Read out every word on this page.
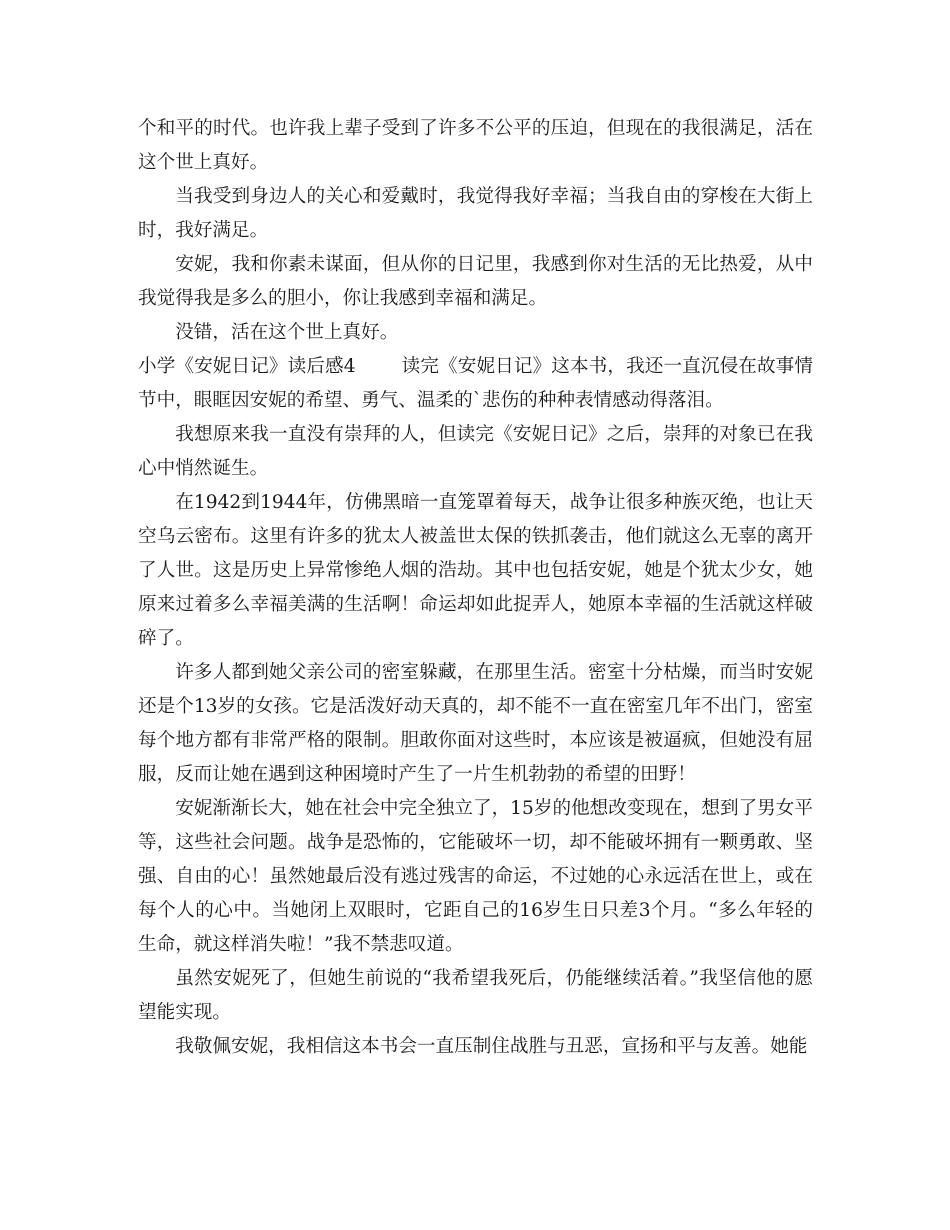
个和平的时代。也许我上辈子受到了许多不公平的压迫，但现在的我很满足，活在这个世上真好。

当我受到身边人的关心和爱戴时，我觉得我好幸福；当我自由的穿梭在大街上时，我好满足。

安妮，我和你素未谋面，但从你的日记里，我感到你对生活的无比热爱，从中我觉得我是多么的胆小，你让我感到幸福和满足。

没错，活在这个世上真好。

小学《安妮日记》读后感4 读完《安妮日记》这本书，我还一直沉侵在故事情节中，眼眶因安妮的希望、勇气、温柔的`悲伤的种种表情感动得落泪。

我想原来我一直没有崇拜的人，但读完《安妮日记》之后，崇拜的对象已在我心中悄然诞生。

在1942到1944年，仿佛黑暗一直笼罩着每天，战争让很多种族灭绝，也让天空乌云密布。这里有许多的犹太人被盖世太保的铁抓袭击，他们就这么无辜的离开了人世。这是历史上异常惨绝人烟的浩劫。其中也包括安妮，她是个犹太少女，她原来过着多么幸福美满的生活啊！命运却如此捉弄人，她原本幸福的生活就这样破碎了。

许多人都到她父亲公司的密室躲藏，在那里生活。密室十分枯燥，而当时安妮还是个13岁的女孩。它是活泼好动天真的，却不能不一直在密室几年不出门，密室每个地方都有非常严格的限制。胆敢你面对这些时，本应该是被逼疯，但她没有屈服，反而让她在遇到这种困境时产生了一片生机勃勃的希望的田野！

安妮渐渐长大，她在社会中完全独立了，15岁的他想改变现在，想到了男女平等，这些社会问题。战争是恐怖的，它能破坏一切，却不能破坏拥有一颗勇敢、坚强、自由的心！虽然她最后没有逃过残害的命运，不过她的心永远活在世上，或在每个人的心中。当她闭上双眼时，它距自己的16岁生日只差3个月。“多么年轻的生命，就这样消失啦！”我不禁悲叹道。

虽然安妮死了，但她生前说的“我希望我死后，仍能继续活着。”我坚信他的愿望能实现。

我敬佩安妮，我相信这本书会一直压制住战胜与丑恶，宣扬和平与友善。她能
